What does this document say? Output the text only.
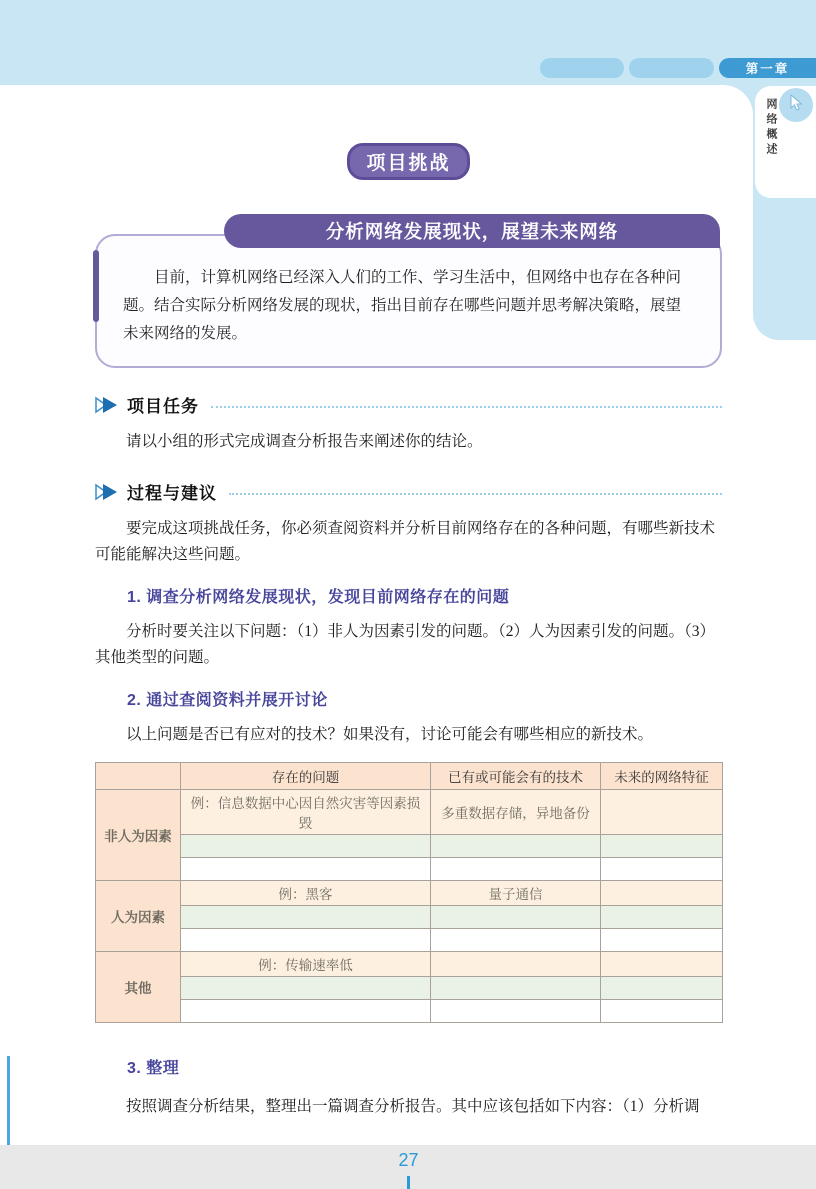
第一章
网络概述
项目挑战
分析网络发展现状，展望未来网络

目前，计算机网络已经深入人们的工作、学习生活中，但网络中也存在各种问题。结合实际分析网络发展的现状，指出目前存在哪些问题并思考解决策略，展望未来网络的发展。

项目任务

请以小组的形式完成调查分析报告来阐述你的结论。

过程与建议

要完成这项挑战任务，你必须查阅资料并分析目前网络存在的各种问题，有哪些新技术可能能解决这些问题。

1. 调查分析网络发展现状，发现目前网络存在的问题

分析时要关注以下问题：（1）非人为因素引发的问题。（2）人为因素引发的问题。（3）其他类型的问题。

2. 通过查阅资料并展开讨论

以上问题是否已有应对的技术？如果没有，讨论可能会有哪些相应的新技术。

	存在的问题	已有或可能会有的技术	未来的网络特征
非人为因素	例：信息数据中心因自然灾害等因素损毁	多重数据存储，异地备份	

人为因素	例：黑客	量子通信	

其他	例：传输速率低		

3. 整理

按照调查分析结果，整理出一篇调查分析报告。其中应该包括如下内容：（1）分析调

27
